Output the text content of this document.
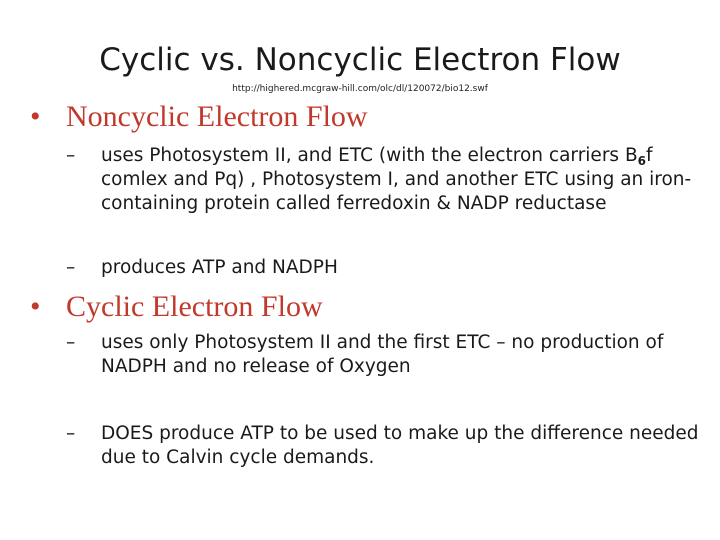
Cyclic vs. Noncyclic Electron Flow
http://highered.mcgraw-hill.com/olc/dl/120072/bio12.swf
• Noncyclic Electron Flow
–	uses Photosystem II, and ETC (with the electron carriers $B_6f$ comlex and Pq) , Photosystem I, and another ETC using an iron-containing protein called ferredoxin & NADP reductase
–	produces ATP and NADPH
• Cyclic Electron Flow
–	uses only Photosystem II and the first ETC – no production of NADPH and no release of Oxygen
–	DOES produce ATP to be used to make up the difference needed due to Calvin cycle demands.
